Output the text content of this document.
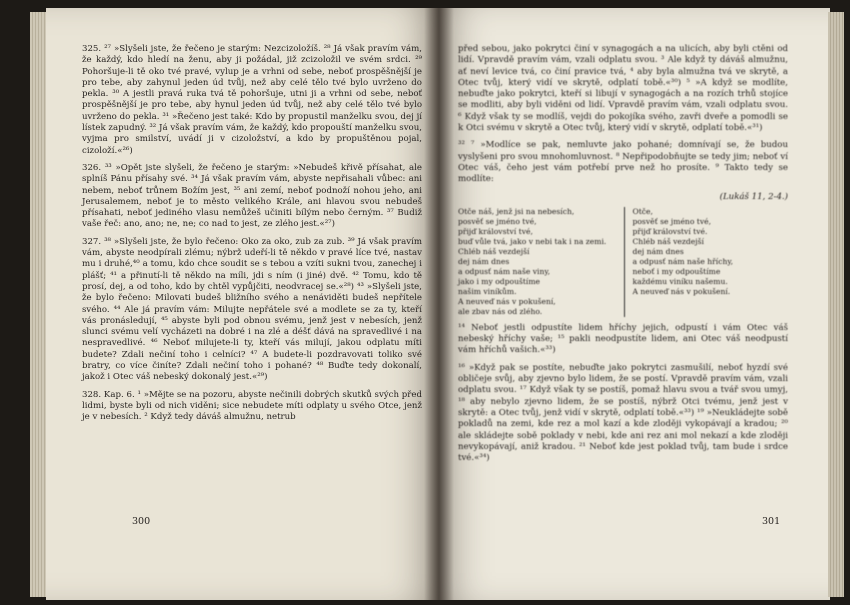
325. ²⁷ »Slyšeli jste, že řečeno je starým: Nezcizoložíš. ²⁸ Já však pravím vám, že každý, kdo hledí na ženu, aby ji požádal, již zcizoložil ve svém srdci. ²⁹ Pohoršuje-li tě oko tvé pravé, vylup je a vrhni od sebe, neboť prospěšnější je pro tebe, aby zahynul jeden úd tvůj, než aby celé tělo tvé bylo uvrženo do pekla. ³⁰ A jestli pravá ruka tvá tě pohoršuje, utni ji a vrhni od sebe, neboť prospěšnější je pro tebe, aby hynul jeden úd tvůj, než aby celé tělo tvé bylo uvrženo do pekla. ³¹ »Řečeno jest také: Kdo by propustil manželku svou, dej jí lístek zapudný. ³² Já však pravím vám, že každý, kdo propouští manželku svou, vyjma pro smilství, uvádí ji v cizoložství, a kdo by propuštěnou pojal, cizoloží.«²⁶)

326. ³³ »Opět jste slyšeli, že řečeno je starým: »Nebudeš křivě přísahat, ale splníš Pánu přísahy své. ³⁴ Já však pravím vám, abyste nepřisahali vůbec: ani nebem, neboť trůnem Božím jest, ³⁵ ani zemí, neboť podnoží nohou jeho, ani Jerusalemem, neboť je to město velikého Krále, ani hlavou svou nebudeš přísahati, neboť jediného vlasu nemůžeš učiniti bílým nebo černým. ³⁷ Budiž vaše řeč: ano, ano; ne, ne; co nad to jest, ze zlého jest.«²⁷)

327. ³⁸ »Slyšeli jste, že bylo řečeno: Oko za oko, zub za zub. ³⁹ Já však pravím vám, abyste neodpírali zlému; nýbrž udeří-li tě někdo v pravé líce tvé, nastav mu i druhé,⁴⁰ a tomu, kdo chce soudit se s tebou a vzíti sukni tvou, zanechej i plášť; ⁴¹ a přinutí-li tě někdo na míli, jdi s ním (i jiné) dvě. ⁴² Tomu, kdo tě prosí, dej, a od toho, kdo by chtěl vypůjčiti, neodvracej se.«²⁸) ⁴³ »Slyšeli jste, že bylo řečeno: Milovati budeš bližního svého a nenáviděti budeš nepřítele svého. ⁴⁴ Ale já pravím vám: Milujte nepřátele své a modlete se za ty, kteří vás pronásledují, ⁴⁵ abyste byli pod obnou svému, jenž jest v nebesích, jenž slunci svému velí vycházeti na dobré i na zlé a déšť dává na spravedlivé i na nespravedlivé. ⁴⁶ Neboť milujete-li ty, kteří vás milují, jakou odplatu míti budete? Zdali nečiní toho i celníci? ⁴⁷ A budete-li pozdravovati toliko své bratry, co více činíte? Zdali nečiní toho i pohané? ⁴⁸ Buďte tedy dokonalí, jakož i Otec váš nebeský dokonalý jest.«²⁹)

328. Kap. 6. ¹ »Mějte se na pozoru, abyste nečinili dobrých skutků svých před lidmi, byste byli od nich viděni; sice nebudete míti odplaty u svého Otce, jenž je v nebesích. ² Když tedy dáváš almužnu, netrub

před sebou, jako pokrytci činí v synagogách a na ulicích, aby byli ctěni od lidí. Vpravdě pravím vám, vzali odplatu svou. ³ Ale když ty dáváš almužnu, ať neví levice tvá, co činí pravice tvá, ⁴ aby byla almužna tvá ve skrytě, a Otec tvůj, který vidí ve skrytě, odplatí tobě.«³⁰) ⁵ »A když se modlíte, nebuďte jako pokrytci, kteří si libují v synagogách a na rozích trhů stojíce se modliti, aby byli viděni od lidí. Vpravdě pravím vám, vzali odplatu svou. ⁶ Když však ty se modlíš, vejdi do pokojíka svého, zavři dveře a pomodli se k Otci svému v skrytě a Otec tvůj, který vidí v skrytě, odplatí tobě.«³¹)

³² ⁷ »Modlíce se pak, nemluvte jako pohané; domnívají se, že budou vyslyšeni pro svou mnohomluvnost. ⁸ Nepřipodobňujte se tedy jim; neboť ví Otec váš, čeho jest vám potřebí prve než ho prosíte. ⁹ Takto tedy se modlíte:

(Lukáš 11, 2-4.)
Otče náš, jenž jsi na nebesích,
posvěť se jméno tvé,
přijď království tvé,
buď vůle tvá, jako v nebi tak i na zemi.
Chléb náš vezdejší
dej nám dnes
a odpusť nám naše viny,
jako i my odpouštíme
našim viníkům.
A neuveď nás v pokušení,
ale zbav nás od zlého.
Otče,
posvěť se jméno tvé,
přijď království tvé.
Chléb náš vezdejší
dej nám dnes
a odpusť nám naše hříchy,
neboť i my odpouštíme
každému viníku našemu.
A neuveď nás v pokušení.

¹⁴ Neboť jestli odpustíte lidem hříchy jejich, odpustí i vám Otec váš nebeský hříchy vaše; ¹⁵ pakli neodpustíte lidem, ani Otec váš neodpustí vám hříchů vašich.«³³)

¹⁶ »Když pak se postíte, nebuďte jako pokrytci zasmušilí, neboť hyzdí své obličeje svůj, aby zjevno bylo lidem, že se postí. Vpravdě pravím vám, vzali odplatu svou. ¹⁷ Když však ty se postíš, pomaž hlavu svou a tvář svou umyj, ¹⁸ aby nebylo zjevno lidem, že se postíš, nýbrž Otci tvému, jenž jest v skrytě: a Otec tvůj, jenž vidí v skrytě, odplatí tobě.«³³) ¹⁹ »Neukládejte sobě pokladů na zemi, kde rez a mol kazí a kde zloději vykopávají a kradou; ²⁰ ale skládejte sobě poklady v nebi, kde ani rez ani mol nekazí a kde zloději nevykopávají, aniž kradou. ²¹ Neboť kde jest poklad tvůj, tam bude i srdce tvé.«³⁴)

300	301
